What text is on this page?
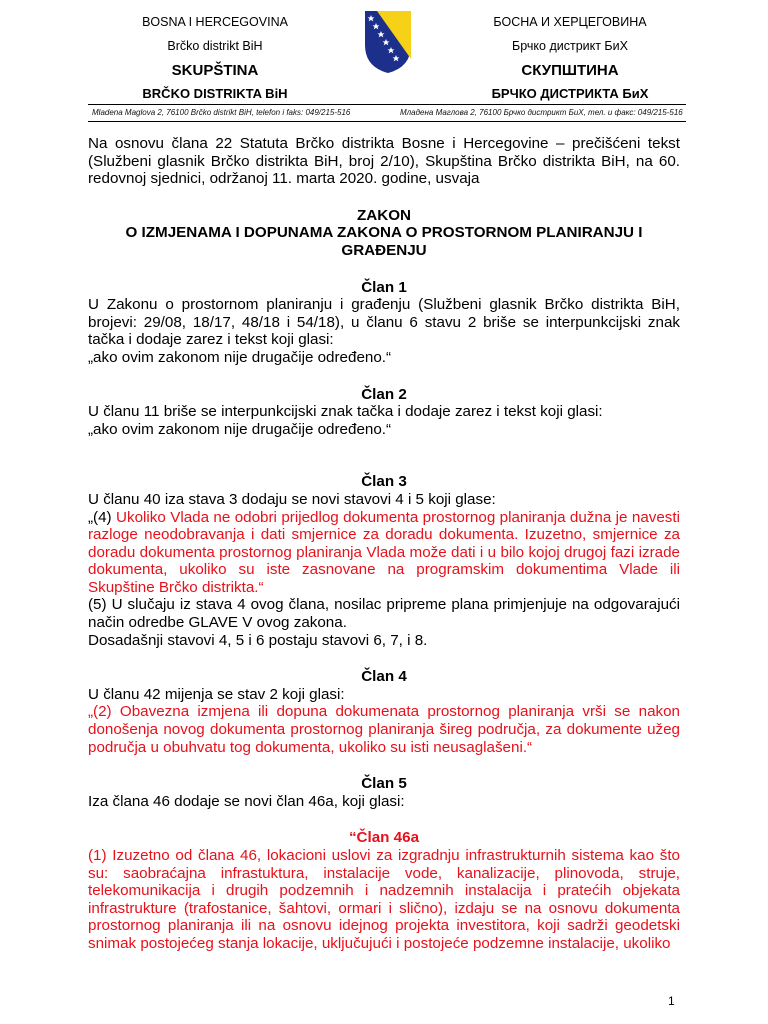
BOSNA I HERCEGOVINA
Brčko distrikt BiH
SKUPŠTINA
BRČKO DISTRIKTA BiH
БОСНА И ХЕРЦЕГОВИНА
Брчко дистрикт БиХ
СКУПШТИНА
БРЧКО ДИСТРИКТА БиХ
Mladena Maglova 2, 76100 Brčko distrikt BiH, telefon i faks: 049/215-516	Младена Маглова 2, 76100 Брчко дистрикт БиХ, тел. и факс: 049/215-516

Na osnovu člana 22 Statuta Brčko distrikta Bosne i Hercegovine – prečišćeni tekst (Službeni glasnik Brčko distrikta BiH, broj 2/10), Skupština Brčko distrikta BiH, na 60. redovnoj sjednici, održanoj 11. marta 2020. godine, usvaja

ZAKON

O IZMJENAMA I DOPUNAMA ZAKONA O PROSTORNOM PLANIRANJU I GRAĐENJU

Član 1

U Zakonu o prostornom planiranju i građenju (Službeni glasnik Brčko distrikta BiH, brojevi: 29/08, 18/17, 48/18 i 54/18), u članu 6 stavu 2 briše se interpunkcijski znak tačka i dodaje zarez i tekst koji glasi:

„ako ovim zakonom nije drugačije određeno.“

Član 2

U članu 11 briše se interpunkcijski znak tačka i dodaje zarez i tekst koji glasi:

„ako ovim zakonom nije drugačije određeno.“

Član 3

U članu 40 iza stava 3 dodaju se novi stavovi 4 i 5 koji glase:

„(4) Ukoliko Vlada ne odobri prijedlog dokumenta prostornog planiranja dužna je navesti razloge neodobravanja i dati smjernice za doradu dokumenta. Izuzetno, smjernice za doradu dokumenta prostornog planiranja Vlada može dati i u bilo kojoj drugoj fazi izrade dokumenta, ukoliko su iste zasnovane na programskim dokumentima Vlade ili Skupštine Brčko distrikta.“

(5) U slučaju iz stava 4 ovog člana, nosilac pripreme plana primjenjuje na odgovarajući način odredbe GLAVE V ovog zakona.

Dosadašnji stavovi 4, 5 i 6 postaju stavovi 6, 7, i 8.

Član 4

U članu 42 mijenja se stav 2 koji glasi:

„(2) Obavezna izmjena ili dopuna dokumenata prostornog planiranja vrši se nakon donošenja novog dokumenta prostornog planiranja šireg područja, za dokumente užeg područja u obuhvatu tog dokumenta, ukoliko su isti neusaglašeni.“

Član 5

Iza člana 46 dodaje se novi član 46a, koji glasi:

“Član 46a

(1) Izuzetno od člana 46, lokacioni uslovi za izgradnju infrastrukturnih sistema kao što su: saobraćajna infrastuktura, instalacije vode, kanalizacije, plinovoda, struje, telekomunikacija i drugih podzemnih i nadzemnih instalacija i pratećih objekata infrastrukture (trafostanice, šahtovi, ormari i slično), izdaju se na osnovu dokumenta prostornog planiranja ili na osnovu idejnog projekta investitora, koji sadrži geodetski snimak postojećeg stanja lokacije, uključujući i postojeće podzemne instalacije, ukoliko

1
